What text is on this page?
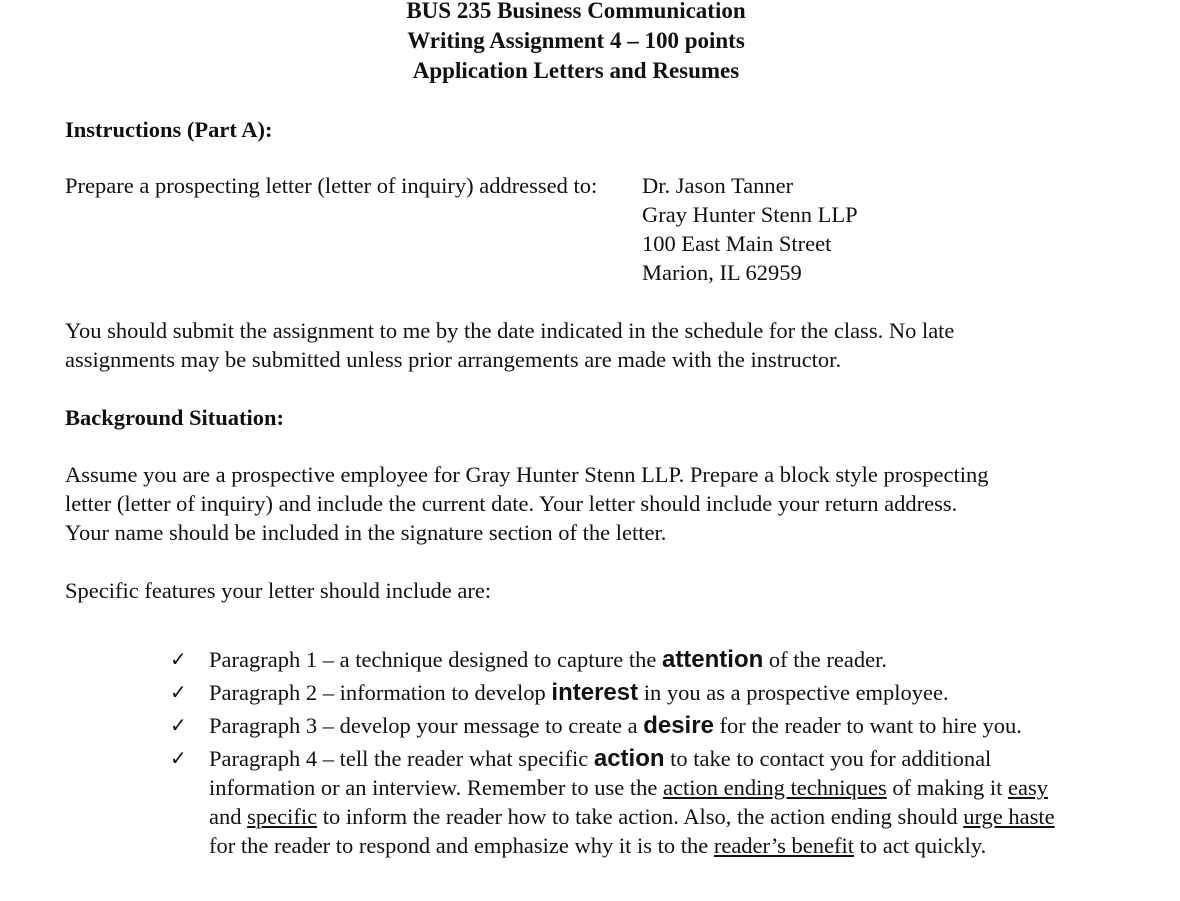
BUS 235 Business Communication
Writing Assignment 4 – 100 points
Application Letters and Resumes
Instructions (Part A):
Prepare a prospecting letter (letter of inquiry) addressed to: Dr. Jason Tanner
Gray Hunter Stenn LLP
100 East Main Street
Marion, IL 62959
You should submit the assignment to me by the date indicated in the schedule for the class. No late
assignments may be submitted unless prior arrangements are made with the instructor.
Background Situation:
Assume you are a prospective employee for Gray Hunter Stenn LLP. Prepare a block style prospecting
letter (letter of inquiry) and include the current date. Your letter should include your return address.
Your name should be included in the signature section of the letter.
Specific features your letter should include are:
✓ Paragraph 1 – a technique designed to capture the attention of the reader.
✓ Paragraph 2 – information to develop interest in you as a prospective employee.
✓ Paragraph 3 – develop your message to create a desire for the reader to want to hire you.
✓ Paragraph 4 – tell the reader what specific action to take to contact you for additional information or an interview. Remember to use the action ending techniques of making it easy and specific to inform the reader how to take action. Also, the action ending should urge haste for the reader to respond and emphasize why it is to the reader’s benefit to act quickly.
